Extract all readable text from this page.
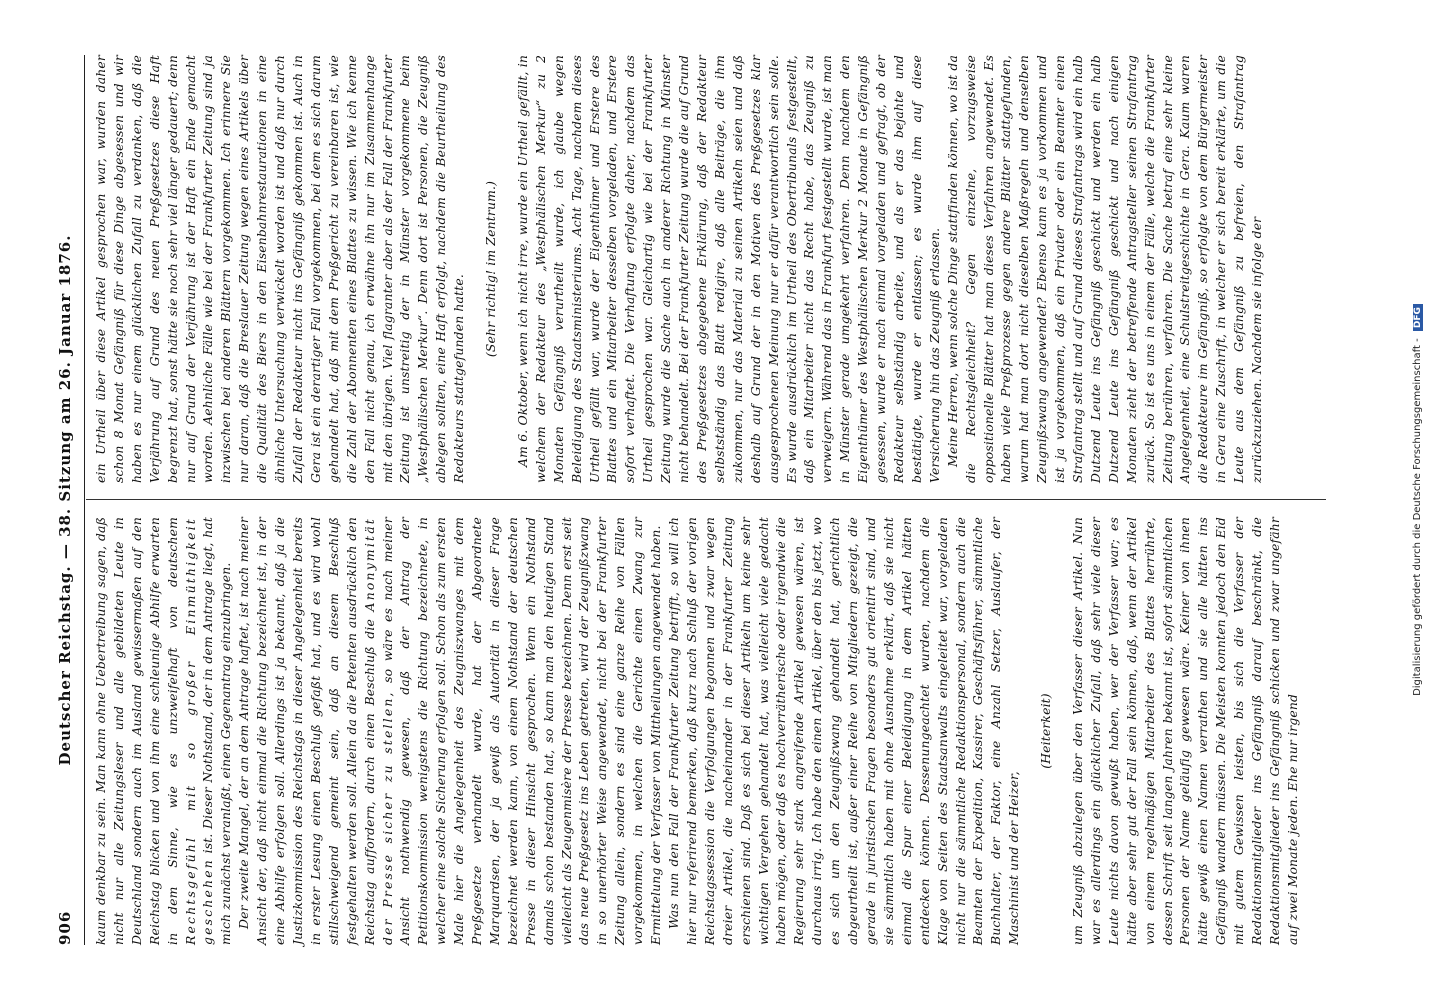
906
Deutscher Reichstag. — 38. Sitzung am 26. Januar 1876. kaum denkbar zu sein. Man kann ohne Uebertreibung sagen, daß nicht nur alle Zeitungsleser und alle gebildeten Leute in Deutschland sondern auch im Ausland gewissermaßen auf den Reichstag blicken und von ihm eine schleunige Abhilfe erwarten in dem Sinne, wie es unzweifelhaft von deutschem Rechtsgefühl mit so großer Einmüthigkeit geschehen ist. Dieser Nothstand, der in dem Antrage liegt, hat mich zunächst veranlaßt, einen Gegenantrag einzubringen. Der zweite Mangel, der an dem Antrage haftet, ist nach meiner Ansicht der, daß nicht einmal die Richtung bezeichnet ist, in der eine Abhilfe erfolgen soll. Allerdings ist ja bekannt, daß ja die Justizkommission des Reichstags in dieser Angelegenheit bereits in erster Lesung einen Beschluß gefaßt hat, und es wird wohl stillschweigend gemeint sein, daß an diesem Beschluß festgehalten werden soll. Allein da die Petenten ausdrücklich den Reichstag auffordern, durch einen Beschluß die Anonymität der Presse sicher zu stellen, so wäre es nach meiner Ansicht nothwendig gewesen, daß der Antrag der Petitionskommission wenigstens die Richtung bezeichnete, in welcher eine solche Sicherung erfolgen soll. Schon als zum ersten Male hier die Angelegenheit des Zeugniszwanges mit dem Preßgesetze verhandelt wurde, hat der Abgeordnete Marquardsen, der ja gewiß als Autorität in dieser Frage bezeichnet werden kann, von einem Nothstand der deutschen Presse in dieser Hinsicht gesprochen. Wenn ein Nothstand damals schon bestanden hat, so kann man den heutigen Stand vielleicht als Zeugenmisère der Presse bezeichnen. Denn erst seit das neue Preßgesetz ins Leben getreten, wird der Zeugnißzwang in so unerhörter Weise angewendet, nicht bei der Frankfurter Zeitung allein, sondern es sind eine ganze Reihe von Fällen vorgekommen, in welchen die Gerichte einen Zwang zur Ermittelung der Verfasser von Mittheilungen angewendet haben. Was nun den Fall der Frankfurter Zeitung betrifft, so will ich hier nur referirend bemerken, daß kurz nach Schluß der vorigen Reichstagssession die Verfolgungen begonnen und zwar wegen dreier Artikel, die nacheinander in der Frankfurter Zeitung erschienen sind. Daß es sich bei dieser Artikeln um keine sehr wichtigen Vergehen gehandelt hat, was vielleicht viele gedacht haben mögen, oder daß es hochverrätherische oder irgendwie die Regierung sehr stark angreifende Artikel gewesen wären, ist durchaus irrig. Ich habe den einen Artikel, über den bis jetzt, wo es sich um den Zeugnißzwang gehandelt hat, gerichtlich abgeurtheilt ist, außer einer Reihe von Mitgliedern gezeigt, die gerade in juristischen Fragen besonders gut orientirt sind, und sie sämmtlich haben mit ohne Ausnahme erklärt, daß sie nicht einmal die Spur einer Beleidigung in dem Artikel hätten entdecken können. Dessenungeachtet wurden, nachdem die Klage von Seiten des Staatsanwalts eingeleitet war, vorgeladen nicht nur die sämmtliche Redaktionspersonal, sondern auch die Beamten der Expedition, Kassirer, Geschäftsführer, sämmtliche Buchhalter, der Faktor, eine Anzahl Setzer, Auslaufer, der Maschinist und der Heizer,

(Heiterkeit) um Zeugniß abzulegen über den Verfasser dieser Artikel. Nun war es allerdings ein glücklicher Zufall, daß sehr viele dieser Leute nichts davon gewußt haben, wer der Verfasser war; es hätte aber sehr gut der Fall sein können, daß, wenn der Artikel von einem regelmäßigen Mitarbeiter des Blattes herrührte, dessen Schrift seit langen Jahren bekannt ist, sofort sämmtlichen Personen der Name geläufig gewesen wäre. Keiner von ihnen hätte gewiß einen Namen verrathen und sie alle hätten ins Gefängniß wandern müssen. Die Meisten konnten jedoch den Eid mit gutem Gewissen leisten, bis sich die Verfasser der Redaktionsmitglieder ins Gefängniß darauf beschränkt, die Redaktionsmitglieder ins Gefängniß schicken und zwar ungefähr auf zwei Monate jeden. Ehe nur irgend

ein Urtheil über diese Artikel gesprochen war, wurden daher schon 8 Monat Gefängniß für diese Dinge abgesessen und wir haben es nur einem glücklichen Zufall zu verdanken, daß die Verjährung auf Grund des neuen Preßgesetzes diese Haft begrenzt hat, sonst hätte sie noch sehr viel länger gedauert; denn nur auf Grund der Verjährung ist der Haft ein Ende gemacht worden. Aehnliche Fälle wie bei der Frankfurter Zeitung sind ja inzwischen bei anderen Blättern vorgekommen. Ich erinnere Sie nur daran, daß die Breslauer Zeitung wegen eines Artikels über die Qualität des Biers in den Eisenbahnrestaurationen in eine ähnliche Untersuchung verwickelt worden ist und daß nur durch Zufall der Redakteur nicht ins Gefängniß gekommen ist. Auch in Gera ist ein derartiger Fall vorgekommen, bei dem es sich darum gehandelt hat, daß mit dem Preßgericht zu vereinbaren ist, wie die Zahl der Abonnenten eines Blattes zu wissen. Wie ich kenne den Fall nicht genau, ich erwähne ihn nur im Zusammenhange mit den übrigen. Viel flagranter aber als der Fall der Frankfurter Zeitung ist unstreitig der in Münster vorgekommene beim „Westphälischen Merkur“. Denn dort ist Personen, die Zeugniß ablegen sollten, eine Haft erfolgt, nachdem die Beurtheilung des Redakteurs stattgefunden hatte.

(Sehr richtig! im Zentrum.) Am 6. Oktober, wenn ich nicht irre, wurde ein Urtheil gefällt, in welchem der Redakteur des „Westphälischen Merkur“ zu 2 Monaten Gefängniß verurtheilt wurde, ich glaube wegen Beleidigung des Staatsministeriums. Acht Tage, nachdem dieses Urtheil gefällt war, wurde der Eigenthümer und Erstere des Blattes und ein Mitarbeiter desselben vorgeladen, und Erstere sofort verhaftet. Die Verhaftung erfolgte daher, nachdem das Urtheil gesprochen war. Gleichartig wie bei der Frankfurter Zeitung wurde die Sache auch in anderer Richtung in Münster nicht behandelt. Bei der Frankfurter Zeitung wurde die auf Grund des Preßgesetzes abgegebene Erklärung, daß der Redakteur selbstständig das Blatt redigire, daß alle Beiträge, die ihm zukommen, nur das Material zu seinen Artikeln seien und daß deshalb auf Grund der in den Motiven des Preßgesetzes klar ausgesprochenen Meinung nur er dafür verantwortlich sein solle. Es wurde ausdrücklich im Urtheil des Obertribunals festgestellt, daß ein Mitarbeiter nicht das Recht habe, das Zeugniß zu verweigern. Während das in Frankfurt festgestellt wurde, ist man in Münster gerade umgekehrt verfahren. Denn nachdem den Eigenthümer des Westphälischen Merkur 2 Monate in Gefängniß gesessen, wurde er nach einmal vorgeladen und gefragt, ob der Redakteur selbständig arbeite, und als er das bejahte und bestätigte, wurde er entlassen; es wurde ihm auf diese Versicherung hin das Zeugniß erlassen. Meine Herren, wenn solche Dinge stattfinden können, wo ist da die Rechtsgleichheit? Gegen einzelne, vorzugsweise oppositionelle Blätter hat man dieses Verfahren angewendet. Es haben viele Preßprozesse gegen andere Blätter stattgefunden, warum hat man dort nicht dieselben Maßregeln und denselben Zeugnißzwang angewendet? Ebenso kann es ja vorkommen und ist ja vorgekommen, daß ein Privater oder ein Beamter einen Strafantrag stellt und auf Grund dieses Strafantrags wird ein halb Dutzend Leute ins Gefängniß geschickt und werden ein halb Dutzend Leute ins Gefängniß geschickt und nach einigen Monaten zieht der betreffende Antragsteller seinen Strafantrag zurück. So ist es uns in einem der Fälle, welche die Frankfurter Zeitung berühren, verfahren. Die Sache betraf eine sehr kleine Angelegenheit, eine Schulstreitgeschichte in Gera. Kaum waren die Redakteure im Gefängniß, so erfolgte von dem Bürgermeister in Gera eine Zuschrift, in welcher er sich bereit erklärte, um die Leute aus dem Gefängniß zu befreien, den Strafantrag zurückzuziehen. Nachdem sie infolge der	Digitalisierung gefördert durch die Deutsche Forschungsgemeinschaft - DFG
